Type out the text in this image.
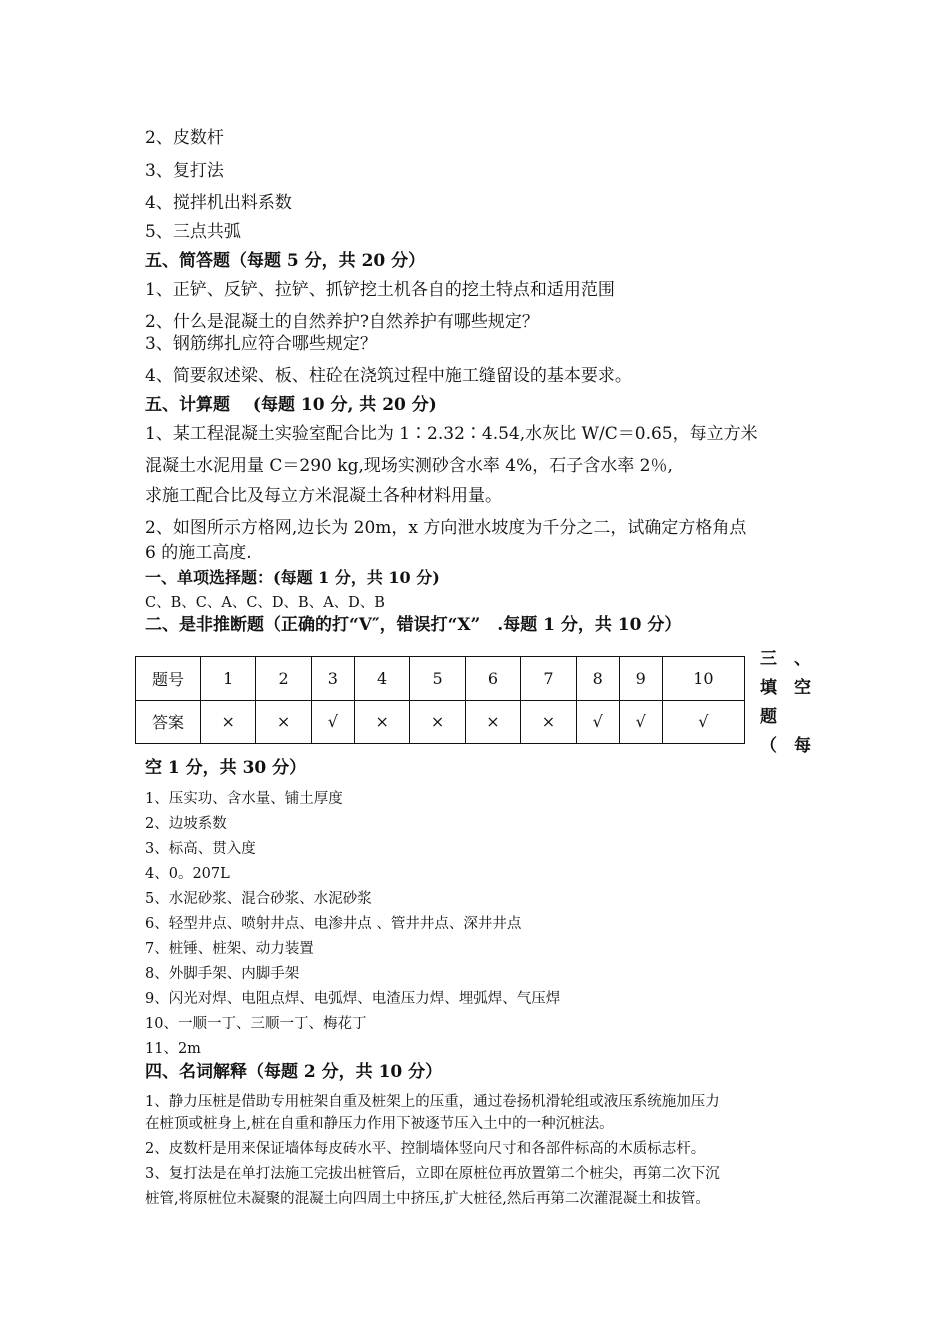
2、皮数杆
3、复打法
4、搅拌机出料系数
5、三点共弧
五、简答题（每题 5 分，共 20 分）
1、正铲、反铲、拉铲、抓铲挖土机各自的挖土特点和适用范围
2、什么是混凝土的自然养护?自然养护有哪些规定？
3、钢筋绑扎应符合哪些规定？
4、简要叙述梁、板、柱砼在浇筑过程中施工缝留设的基本要求。
五、计算题　 (每题 10 分, 共 20 分)
1、某工程混凝土实验室配合比为 1∶2.32∶4.54,水灰比 W/C＝0.65，每立方米
混凝土水泥用量 C＝290 kg,现场实测砂含水率 4%，石子含水率 2％,
求施工配合比及每立方米混凝土各种材料用量。
2、如图所示方格网,边长为 20m，x 方向泄水坡度为千分之二，试确定方格角点
6 的施工高度.
一、单项选择题：(每题 1 分，共 10 分)
C、B、C、A、C、D、B、A、D、B
二、是非推断题（正确的打“V″，错误打“X”　.每题 1 分，共 10 分）
题号	1	2	3	4	5	6	7	8	9	10
答案	×	×	√	×	×	×	×	√	√	√
三　、
填　空
题
（　每
空 1 分，共 30 分）
1、压实功、含水量、铺土厚度
2、边坡系数
3、标高、贯入度
4、0。207L
5、水泥砂浆、混合砂浆、水泥砂浆
6、轻型井点、喷射井点、电渗井点 、管井井点、深井井点
7、桩锤、桩架、动力装置
8、外脚手架、内脚手架
9、闪光对焊、电阻点焊、电弧焊、电渣压力焊、埋弧焊、气压焊
10、一顺一丁、三顺一丁、梅花丁
11、2m
四、名词解释（每题 2 分，共 10 分）
1、静力压桩是借助专用桩架自重及桩架上的压重，通过卷扬机滑轮组或液压系统施加压力
在桩顶或桩身上,桩在自重和静压力作用下被逐节压入土中的一种沉桩法。
2、皮数杆是用来保证墙体每皮砖水平、控制墙体竖向尺寸和各部件标高的木质标志杆。
3、复打法是在单打法施工完拔出桩管后，立即在原桩位再放置第二个桩尖，再第二次下沉
桩管,将原桩位未凝聚的混凝土向四周土中挤压,扩大桩径,然后再第二次灌混凝土和拔管。
